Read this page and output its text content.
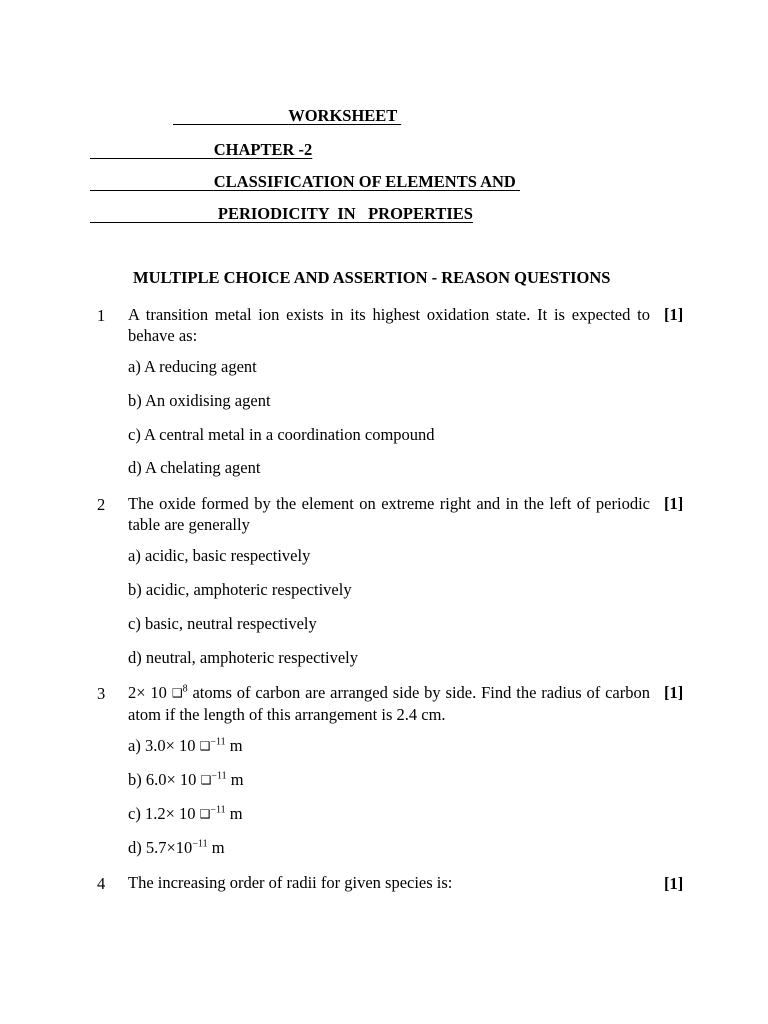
WORKSHEET
CHAPTER -2
CLASSIFICATION OF ELEMENTS AND
PERIODICITY  IN   PROPERTIES
MULTIPLE CHOICE AND ASSERTION - REASON QUESTIONS
1 A transition metal ion exists in its highest oxidation state. It is expected to behave as:
[1]
a) A reducing agent
b) An oxidising agent
c) A central metal in a coordination compound
d) A chelating agent
2 The oxide formed by the element on extreme right and in the left of periodic table are generally
[1]
a) acidic, basic respectively
b) acidic, amphoteric respectively
c) basic, neutral respectively
d) neutral, amphoteric respectively
3 2× 10 ❑$^8$ atoms of carbon are arranged side by side. Find the radius of carbon atom if the length of this arrangement is 2.4 cm.
[1]
a) 3.0× 10 ❑$^{-11}$ m
b) 6.0× 10 ❑$^{-11}$ m
c) 1.2× 10 ❑$^{-11}$ m
d) $5.7\times 10^{-11}$ m
4 The increasing order of radii for given species is:	[1]
